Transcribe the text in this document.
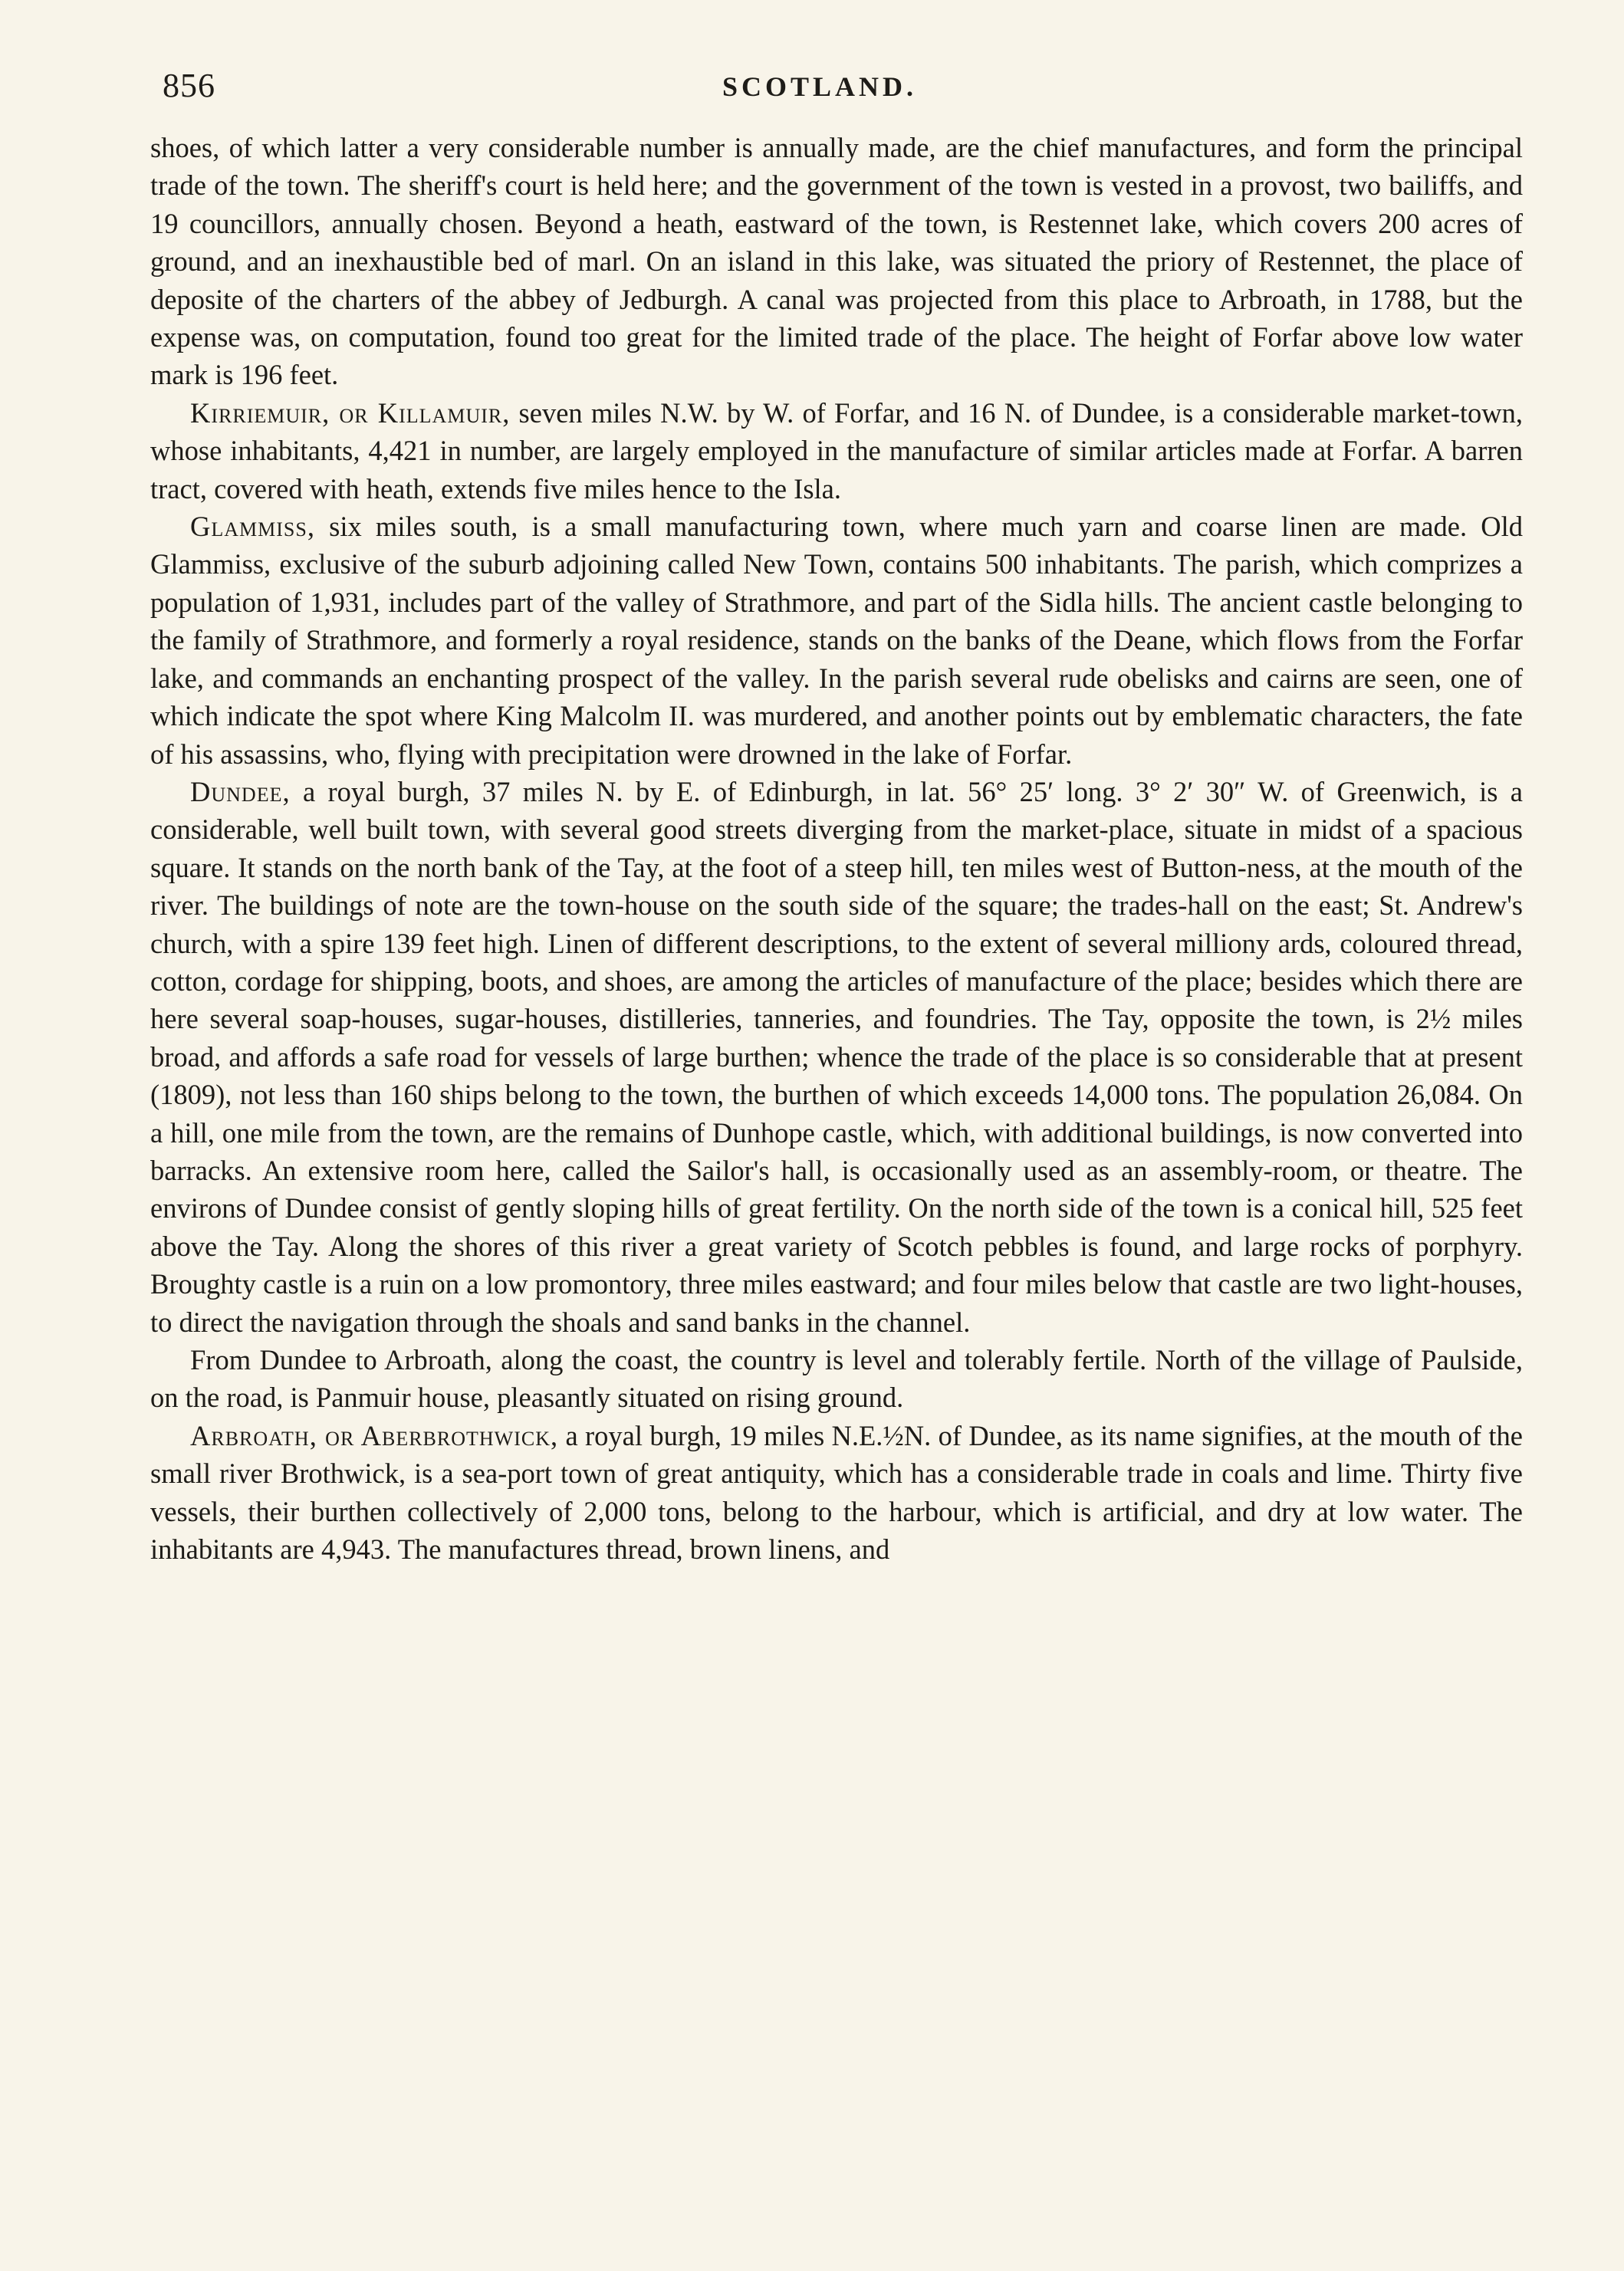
856	SCOTLAND.

shoes, of which latter a very considerable number is annually made, are the chief manufactures, and form the principal trade of the town. The sheriff's court is held here; and the government of the town is vested in a provost, two bailiffs, and 19 councillors, annually chosen. Beyond a heath, eastward of the town, is Restennet lake, which covers 200 acres of ground, and an inexhaustible bed of marl. On an island in this lake, was situated the priory of Restennet, the place of deposite of the charters of the abbey of Jedburgh. A canal was projected from this place to Arbroath, in 1788, but the expense was, on computation, found too great for the limited trade of the place. The height of Forfar above low water mark is 196 feet.

Kirriemuir, or Killamuir, seven miles N.W. by W. of Forfar, and 16 N. of Dundee, is a considerable market-town, whose inhabitants, 4,421 in number, are largely employed in the manufacture of similar articles made at Forfar. A barren tract, covered with heath, extends five miles hence to the Isla.

Glammiss, six miles south, is a small manufacturing town, where much yarn and coarse linen are made. Old Glammiss, exclusive of the suburb adjoining called New Town, contains 500 inhabitants. The parish, which comprizes a population of 1,931, includes part of the valley of Strathmore, and part of the Sidla hills. The ancient castle belonging to the family of Strathmore, and formerly a royal residence, stands on the banks of the Deane, which flows from the Forfar lake, and commands an enchanting prospect of the valley. In the parish several rude obelisks and cairns are seen, one of which indicate the spot where King Malcolm II. was murdered, and another points out by emblematic characters, the fate of his assassins, who, flying with precipitation were drowned in the lake of Forfar.

Dundee, a royal burgh, 37 miles N. by E. of Edinburgh, in lat. 56° 25′ long. 3° 2′ 30″ W. of Greenwich, is a considerable, well built town, with several good streets diverging from the market-place, situate in midst of a spacious square. It stands on the north bank of the Tay, at the foot of a steep hill, ten miles west of Button-ness, at the mouth of the river. The buildings of note are the town-house on the south side of the square; the trades-hall on the east; St. Andrew's church, with a spire 139 feet high. Linen of different descriptions, to the extent of several milliony ards, coloured thread, cotton, cordage for shipping, boots, and shoes, are among the articles of manufacture of the place; besides which there are here several soap-houses, sugar-houses, distilleries, tanneries, and foundries. The Tay, opposite the town, is 2½ miles broad, and affords a safe road for vessels of large burthen; whence the trade of the place is so considerable that at present (1809), not less than 160 ships belong to the town, the burthen of which exceeds 14,000 tons. The population 26,084. On a hill, one mile from the town, are the remains of Dunhope castle, which, with additional buildings, is now converted into barracks. An extensive room here, called the Sailor's hall, is occasionally used as an assembly-room, or theatre. The environs of Dundee consist of gently sloping hills of great fertility. On the north side of the town is a conical hill, 525 feet above the Tay. Along the shores of this river a great variety of Scotch pebbles is found, and large rocks of porphyry. Broughty castle is a ruin on a low promontory, three miles eastward; and four miles below that castle are two light-houses, to direct the navigation through the shoals and sand banks in the channel.

From Dundee to Arbroath, along the coast, the country is level and tolerably fertile. North of the village of Paulside, on the road, is Panmuir house, pleasantly situated on rising ground.

Arbroath, or Aberbrothwick, a royal burgh, 19 miles N.E.½N. of Dundee, as its name signifies, at the mouth of the small river Brothwick, is a sea-port town of great antiquity, which has a considerable trade in coals and lime. Thirty five vessels, their burthen collectively of 2,000 tons, belong to the harbour, which is artificial, and dry at low water. The inhabitants are 4,943. The manufactures thread, brown linens, and
